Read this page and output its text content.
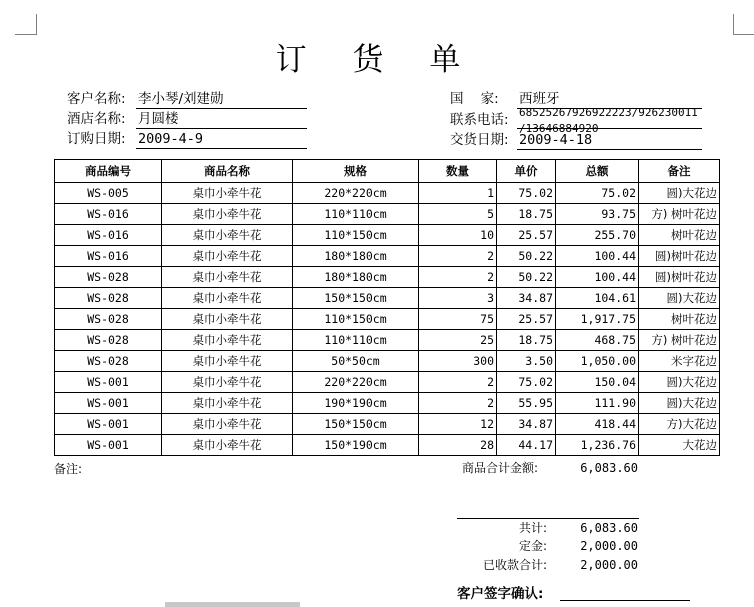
订 货 单
客户名称: 李小琴/刘建勋
酒店名称: 月圆楼
订购日期: 2009-4-9
国    家: 西班牙
联系电话: 68525267926922223/926230011
/13646884920
交货日期: 2009-4-18
商品编号	商品名称	规格	数量	单价	总额	备注
WS-005	桌巾小牵牛花	220*220cm	1	75.02	75.02	圆)大花边
WS-016	桌巾小牵牛花	110*110cm	5	18.75	93.75	方) 树叶花边
WS-016	桌巾小牵牛花	110*150cm	10	25.57	255.70	树叶花边
WS-016	桌巾小牵牛花	180*180cm	2	50.22	100.44	圆)树叶花边
WS-028	桌巾小牵牛花	180*180cm	2	50.22	100.44	圆)树叶花边
WS-028	桌巾小牵牛花	150*150cm	3	34.87	104.61	圆)大花边
WS-028	桌巾小牵牛花	110*150cm	75	25.57	1,917.75	树叶花边
WS-028	桌巾小牵牛花	110*110cm	25	18.75	468.75	方) 树叶花边
WS-028	桌巾小牵牛花	50*50cm	300	3.50	1,050.00	米字花边
WS-001	桌巾小牵牛花	220*220cm	2	75.02	150.04	圆)大花边
WS-001	桌巾小牵牛花	190*190cm	2	55.95	111.90	圆)大花边
WS-001	桌巾小牵牛花	150*150cm	12	34.87	418.44	方)大花边
WS-001	桌巾小牵牛花	150*190cm	28	44.17	1,236.76	大花边
备注:	商品合计金额:	6,083.60
共计:	6,083.60
定金:	2,000.00
已收款合计:	2,000.00
客户签字确认:
